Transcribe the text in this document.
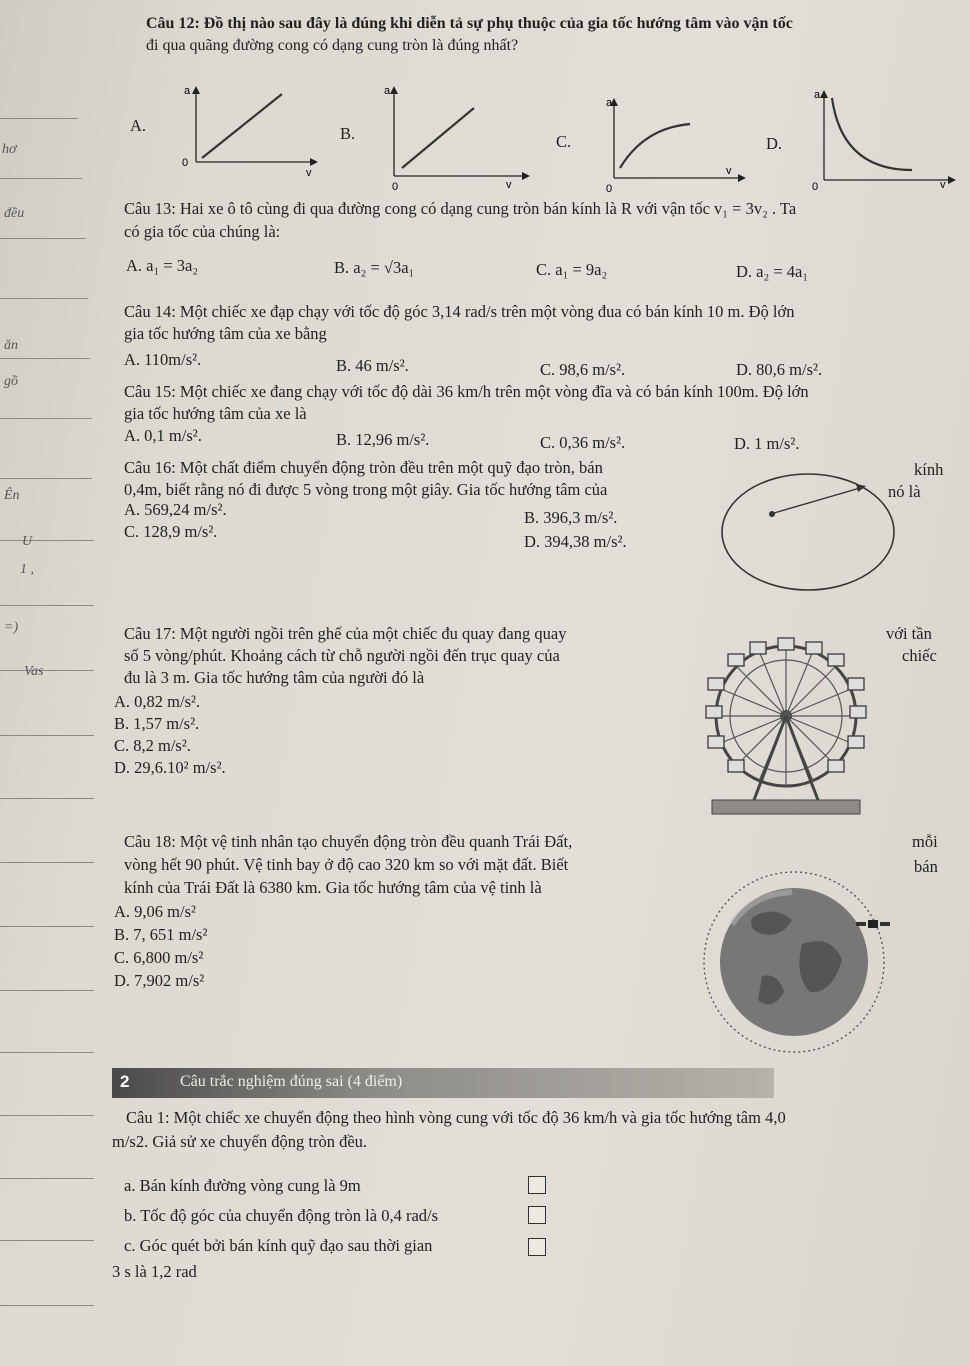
hơ
đều
ăn
gồ
Ên
U
1 ,
=)
Vas
Câu 12: Đồ thị nào sau đây là đúng khi diễn tả sự phụ thuộc của gia tốc hướng tâm vào vận tốc
đi qua quãng đường cong có dạng cung tròn là đúng nhất?
A.
a
0
v
B.
a
0	v
C.
a
0
v
D.
a
0	v
Câu 13: Hai xe ô tô cùng đi qua đường cong có dạng cung tròn bán kính là R với vận tốc v₁ = 3v₂ . Ta
có gia tốc của chúng là:
A. a₁ = 3a₂	B. a₂ = √3a₁	C. a₁ = 9a₂	D. a₂ = 4a₁
Câu 14: Một chiếc xe đạp chạy với tốc độ góc 3,14 rad/s trên một vòng đua có bán kính 10 m. Độ lớn
gia tốc hướng tâm của xe bằng
A. 110m/s².	B. 46 m/s².	C. 98,6 m/s².	D. 80,6 m/s².
Câu 15: Một chiếc xe đang chạy với tốc độ dài 36 km/h trên một vòng đĩa và có bán kính 100m. Độ lớn
gia tốc hướng tâm của xe là
A. 0,1 m/s².	B. 12,96 m/s².	C. 0,36 m/s².	D. 1 m/s².
Câu 16: Một chất điểm chuyển động tròn đều trên một quỹ đạo tròn, bán	kính
0,4m, biết rằng nó đi được 5 vòng trong một giây. Gia tốc hướng tâm của	nó là
A. 569,24 m/s².	B. 396,3 m/s².
C. 128,9 m/s².
D. 394,38 m/s².
Câu 17: Một người ngồi trên ghế của một chiếc đu quay đang quay	với tần
số 5 vòng/phút. Khoảng cách từ chỗ người ngồi đến trục quay của	chiếc
đu là 3 m. Gia tốc hướng tâm của người đó là
A. 0,82 m/s².
B. 1,57 m/s².
C. 8,2 m/s².
D. 29,6.10² m/s².
Câu 18: Một vệ tinh nhân tạo chuyển động tròn đều quanh Trái Đất,	mỗi
vòng hết 90 phút. Vệ tinh bay ở độ cao 320 km so với mặt đất. Biết	bán
kính của Trái Đất là 6380 km. Gia tốc hướng tâm của vệ tinh là
A. 9,06 m/s²
B. 7, 651 m/s²
C. 6,800 m/s²
D. 7,902 m/s²
2	Câu trắc nghiệm đúng sai (4 điểm)
Câu 1: Một chiếc xe chuyển động theo hình vòng cung với tốc độ 36 km/h và gia tốc hướng tâm 4,0
m/s2. Giả sử xe chuyển động tròn đều.
a. Bán kính đường vòng cung là 9m
b. Tốc độ góc của chuyển động tròn là 0,4 rad/s
c. Góc quét bởi bán kính quỹ đạo sau thời gian
3 s là 1,2 rad
